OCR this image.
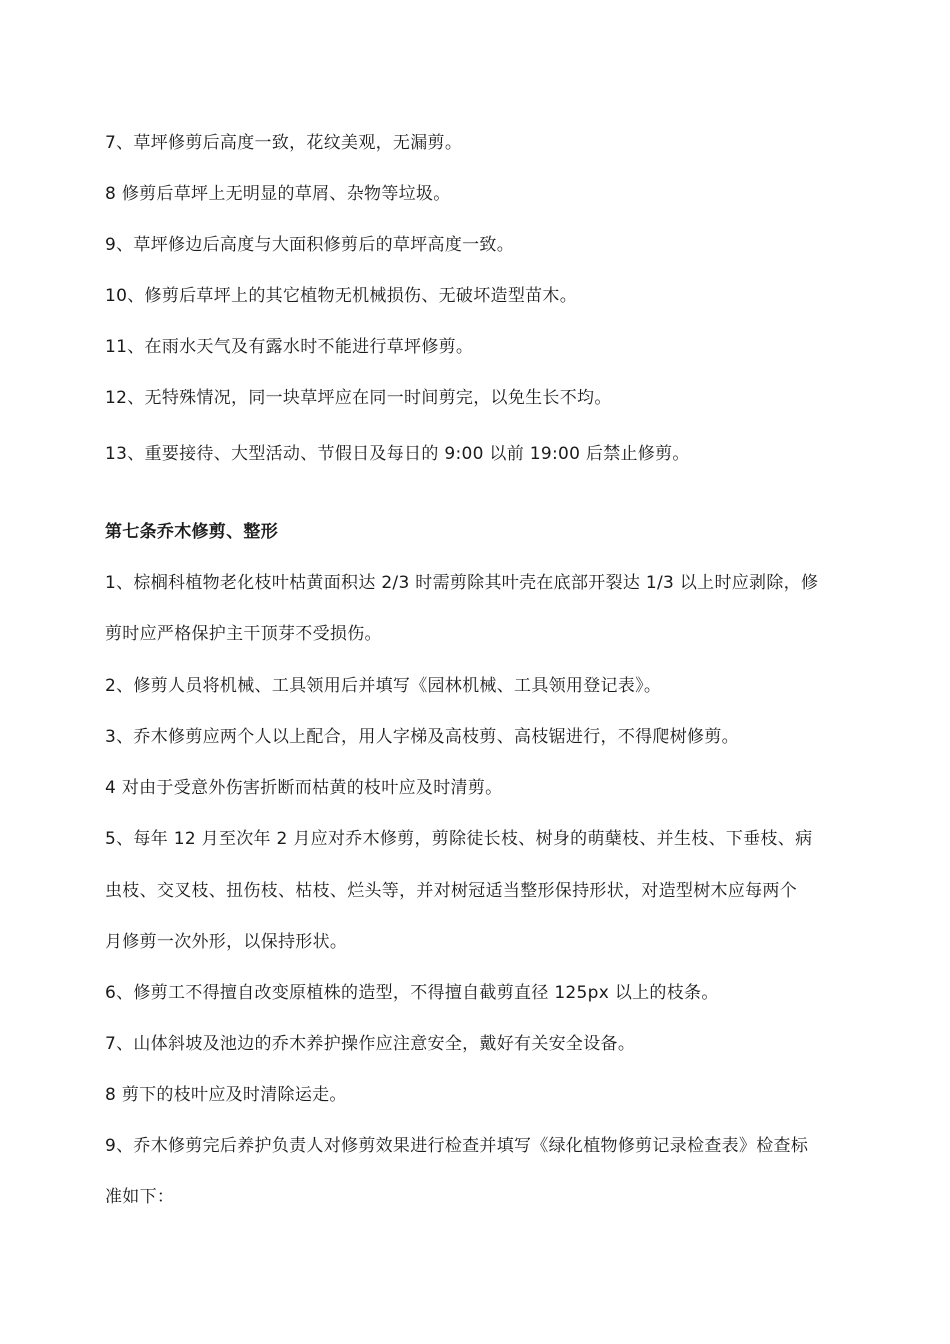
7、草坪修剪后高度一致，花纹美观，无漏剪。
8 修剪后草坪上无明显的草屑、杂物等垃圾。
9、草坪修边后高度与大面积修剪后的草坪高度一致。
10、修剪后草坪上的其它植物无机械损伤、无破坏造型苗木。
11、在雨水天气及有露水时不能进行草坪修剪。
12、无特殊情况，同一块草坪应在同一时间剪完，以免生长不均。
13、重要接待、大型活动、节假日及每日的 9:00 以前 19:00 后禁止修剪。
第七条乔木修剪、整形
1、棕榈科植物老化枝叶枯黄面积达 2/3 时需剪除其叶壳在底部开裂达 1/3 以上时应剥除，修
剪时应严格保护主干顶芽不受损伤。
2、修剪人员将机械、工具领用后并填写《园林机械、工具领用登记表》。
3、乔木修剪应两个人以上配合，用人字梯及高枝剪、高枝锯进行，不得爬树修剪。
4 对由于受意外伤害折断而枯黄的枝叶应及时清剪。
5、每年 12 月至次年 2 月应对乔木修剪，剪除徒长枝、树身的萌蘖枝、并生枝、下垂枝、病
虫枝、交叉枝、扭伤枝、枯枝、烂头等，并对树冠适当整形保持形状，对造型树木应每两个
月修剪一次外形，以保持形状。
6、修剪工不得擅自改变原植株的造型，不得擅自截剪直径 125px 以上的枝条。
7、山体斜坡及池边的乔木养护操作应注意安全，戴好有关安全设备。
8 剪下的枝叶应及时清除运走。
9、乔木修剪完后养护负责人对修剪效果进行检查并填写《绿化植物修剪记录检查表》检查标
准如下：
